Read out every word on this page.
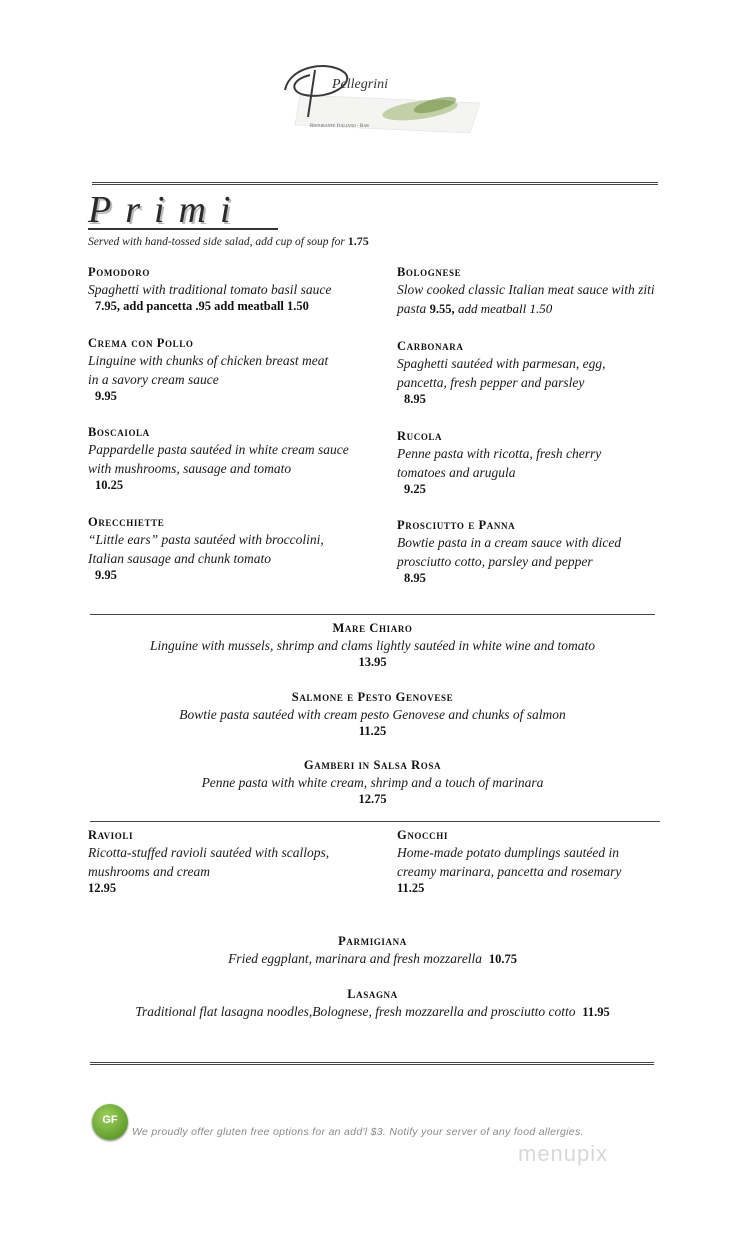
Pellegrini
Ristorante Italiano - Bar
Primi
Served with hand-tossed side salad, add cup of soup for 1.75
Pomodoro
Spaghetti with traditional tomato basil sauce
7.95, add pancetta .95 add meatball 1.50
Crema con Pollo
Linguine with chunks of chicken breast meat in a savory cream sauce
9.95
Boscaiola
Pappardelle pasta sautéed in white cream sauce with mushrooms, sausage and tomato
10.25
Orecchiette
“Little ears” pasta sautéed with broccolini, Italian sausage and chunk tomato
9.95
Bolognese
Slow cooked classic Italian meat sauce with ziti pasta 9.55, add meatball 1.50
Carbonara
Spaghetti sautéed with parmesan, egg, pancetta, fresh pepper and parsley
8.95
Rucola
Penne pasta with ricotta, fresh cherry tomatoes and arugula
9.25
Prosciutto e Panna
Bowtie pasta in a cream sauce with diced prosciutto cotto, parsley and pepper
8.95
Mare Chiaro
Linguine with mussels, shrimp and clams lightly sautéed in white wine and tomato
13.95
Salmone e Pesto Genovese
Bowtie pasta sautéed with cream pesto Genovese and chunks of salmon
11.25
Gamberi in Salsa Rosa
Penne pasta with white cream, shrimp and a touch of marinara
12.75
Ravioli
Ricotta-stuffed ravioli sautéed with scallops, mushrooms and cream
12.95
Gnocchi
Home-made potato dumplings sautéed in creamy marinara, pancetta and rosemary
11.25
Parmigiana
Fried eggplant, marinara and fresh mozzarella 10.75
Lasagna
Traditional flat lasagna noodles,Bolognese, fresh mozzarella and prosciutto cotto 11.95
GF
We proudly offer gluten free options for an add'l $3. Notify your server of any food allergies.
menupix
